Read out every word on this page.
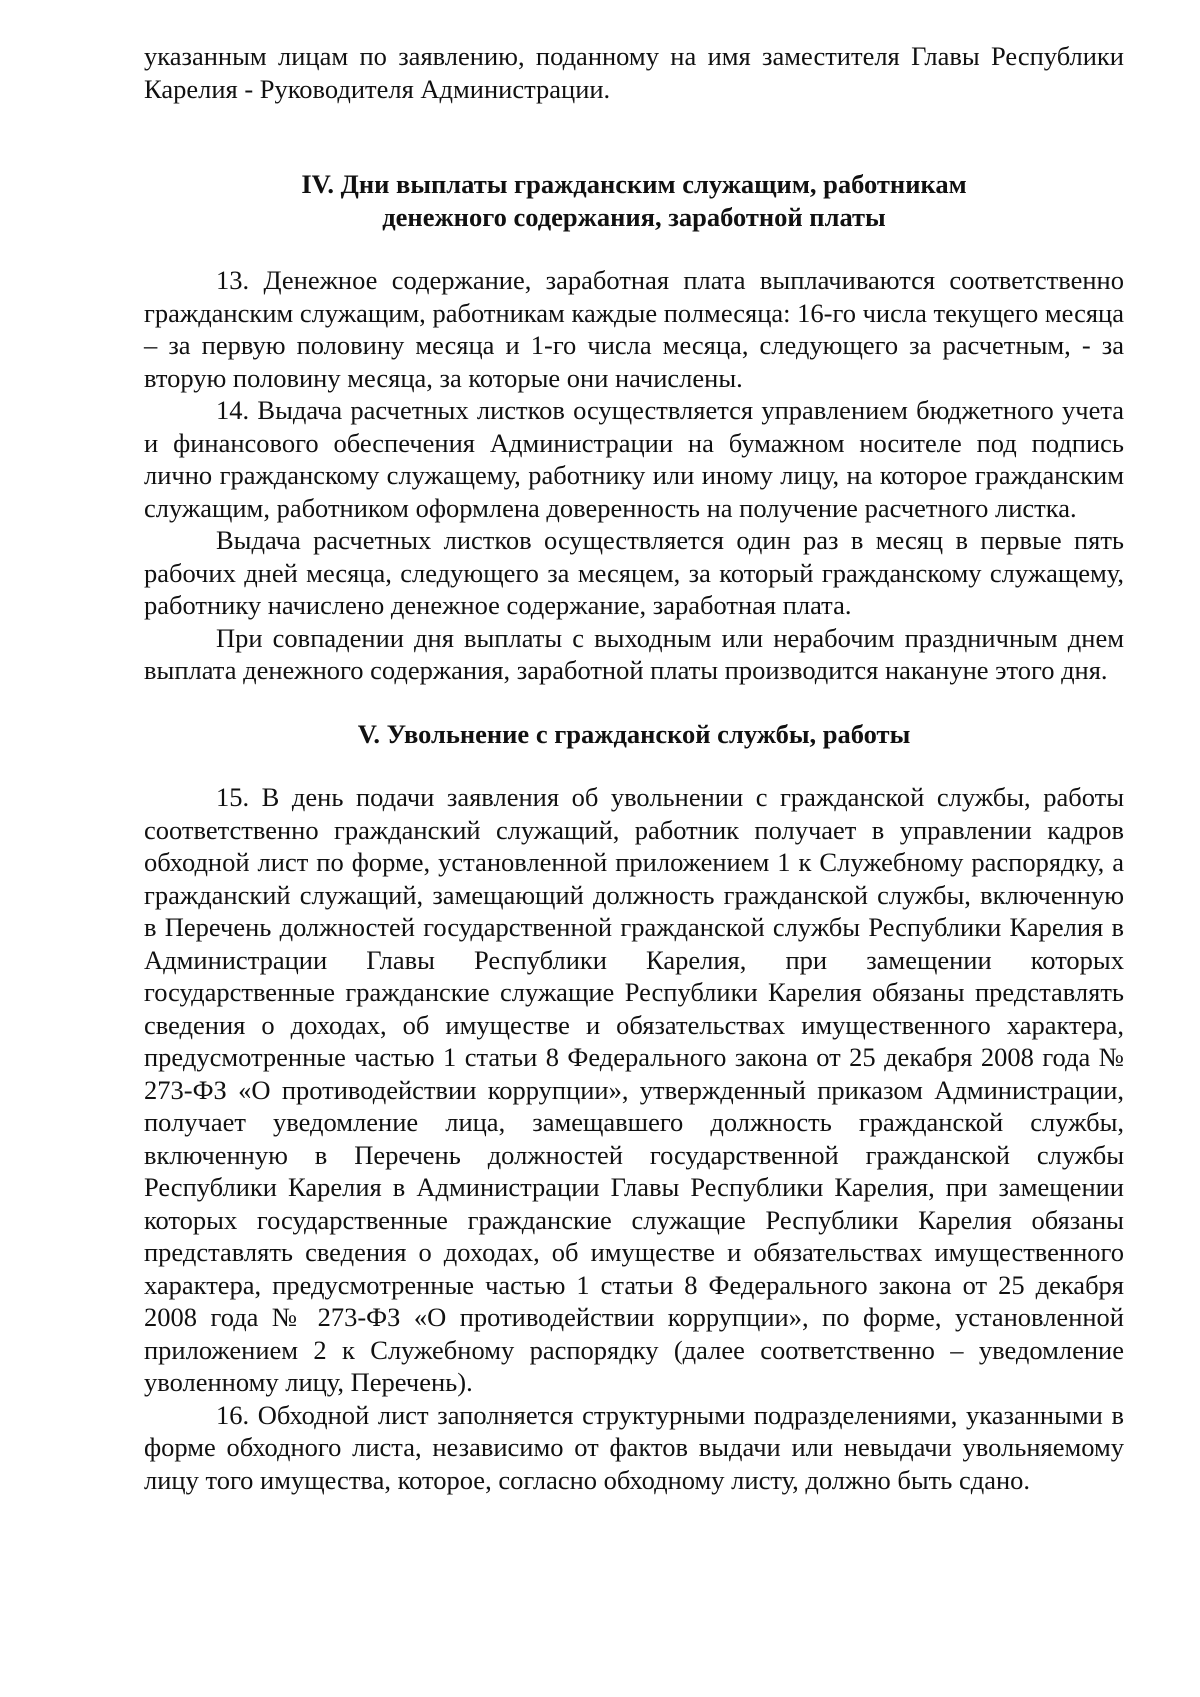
указанным лицам по заявлению, поданному на имя заместителя Главы Республики Карелия - Руководителя Администрации.

IV. Дни выплаты гражданским служащим, работникам
денежного содержания, заработной платы

13. Денежное содержание, заработная плата выплачиваются соответственно гражданским служащим, работникам каждые полмесяца: 16-го числа текущего месяца – за первую половину месяца и 1-го числа месяца, следующего за расчетным, - за вторую половину месяца, за которые они начислены.

14. Выдача расчетных листков осуществляется управлением бюджетного учета и финансового обеспечения Администрации на бумажном носителе под подпись лично гражданскому служащему, работнику или иному лицу, на которое гражданским служащим, работником оформлена доверенность на получение расчетного листка.

Выдача расчетных листков осуществляется один раз в месяц в первые пять рабочих дней месяца, следующего за месяцем, за который гражданскому служащему, работнику начислено денежное содержание, заработная плата.

При совпадении дня выплаты с выходным или нерабочим праздничным днем выплата денежного содержания, заработной платы производится накануне этого дня.

V. Увольнение с гражданской службы, работы

15. В день подачи заявления об увольнении с гражданской службы, работы соответственно гражданский служащий, работник получает в управлении кадров обходной лист по форме, установленной приложением 1 к Служебному распорядку, а гражданский служащий, замещающий должность гражданской службы, включенную в Перечень должностей государственной гражданской службы Республики Карелия в Администрации Главы Республики Карелия, при замещении которых государственные гражданские служащие Республики Карелия обязаны представлять сведения о доходах, об имуществе и обязательствах имущественного характера, предусмотренные частью 1 статьи 8 Федерального закона от 25 декабря 2008 года № 273-ФЗ «О противодействии коррупции», утвержденный приказом Администрации, получает уведомление лица, замещавшего должность гражданской службы, включенную в Перечень должностей государственной гражданской службы Республики Карелия в Администрации Главы Республики Карелия, при замещении которых государственные гражданские служащие Республики Карелия обязаны представлять сведения о доходах, об имуществе и обязательствах имущественного характера, предусмотренные частью 1 статьи 8 Федерального закона от 25 декабря 2008 года № 273-ФЗ «О противодействии коррупции», по форме, установленной приложением 2 к Служебному распорядку (далее соответственно – уведомление уволенному лицу, Перечень).

16. Обходной лист заполняется структурными подразделениями, указанными в форме обходного листа, независимо от фактов выдачи или невыдачи увольняемому лицу того имущества, которое, согласно обходному листу, должно быть сдано.
